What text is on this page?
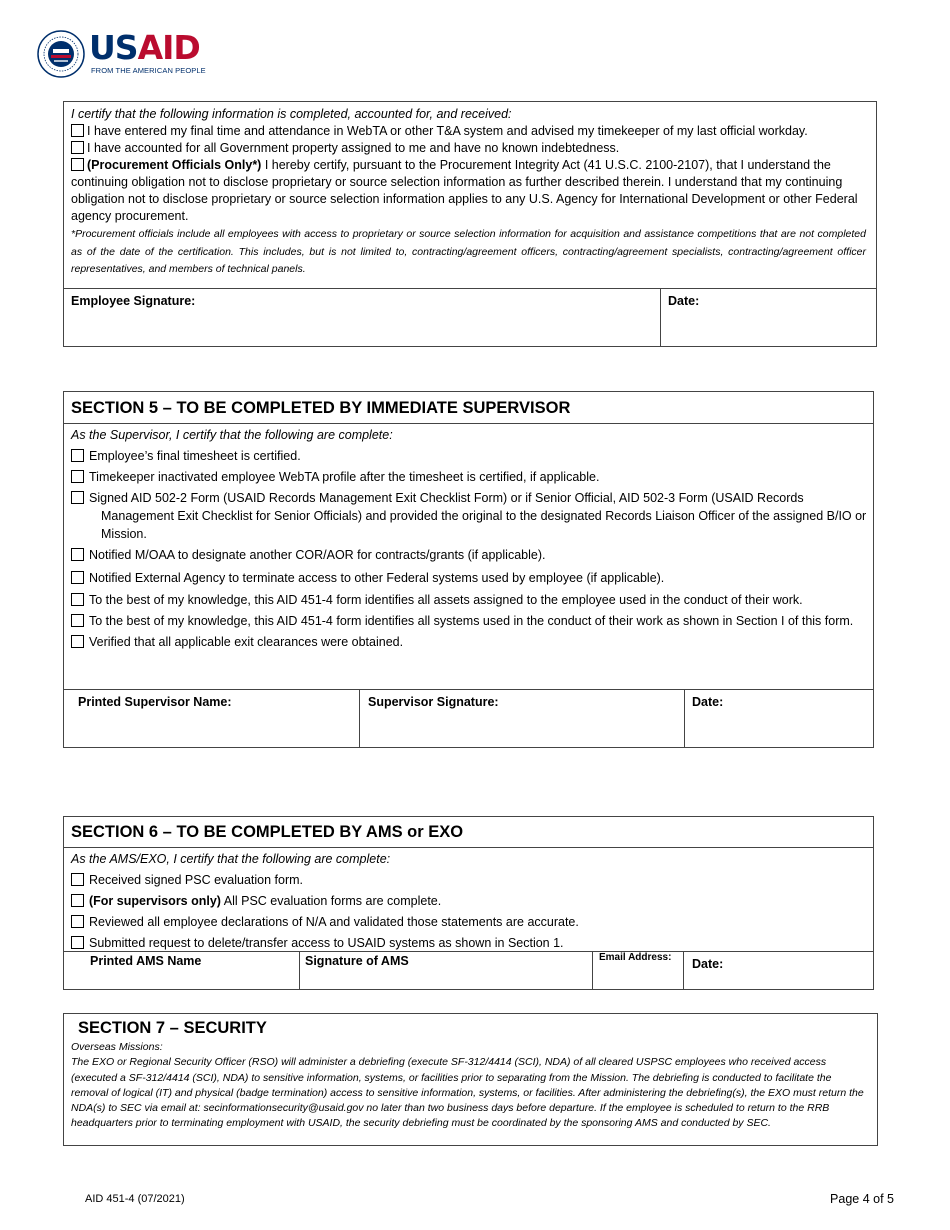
USAID
FROM THE AMERICAN PEOPLE

I certify that the following information is completed, accounted for, and received:

I have entered my final time and attendance in WebTA or other T&A system and advised my timekeeper of my last official workday.

I have accounted for all Government property assigned to me and have no known indebtedness.

(Procurement Officials Only*) I hereby certify, pursuant to the Procurement Integrity Act (41 U.S.C. 2100-2107), that I understand the continuing obligation not to disclose proprietary or source selection information as further described therein. I understand that my continuing obligation not to disclose proprietary or source selection information applies to any U.S. Agency for International Development or other Federal agency procurement.

*Procurement officials include all employees with access to proprietary or source selection information for acquisition and assistance competitions that are not completed as of the date of the certification. This includes, but is not limited to, contracting/agreement officers, contracting/agreement specialists, contracting/agreement officer representatives, and members of technical panels.

Employee Signature:	Date:
SECTION 5 – TO BE COMPLETED BY IMMEDIATE SUPERVISOR

As the Supervisor, I certify that the following are complete:

Employee’s final timesheet is certified.
Timekeeper inactivated employee WebTA profile after the timesheet is certified, if applicable.
Signed AID 502-2 Form (USAID Records Management Exit Checklist Form) or if Senior Official, AID 502-3 Form (USAID Records Management Exit Checklist for Senior Officials) and provided the original to the designated Records Liaison Officer of the assigned B/IO or Mission.
Notified M/OAA to designate another COR/AOR for contracts/grants (if applicable).
Notified External Agency to terminate access to other Federal systems used by employee (if applicable).
To the best of my knowledge, this AID 451-4 form identifies all assets assigned to the employee used in the conduct of their work.
To the best of my knowledge, this AID 451-4 form identifies all systems used in the conduct of their work as shown in Section I of this form.
Verified that all applicable exit clearances were obtained.
Printed Supervisor Name:	Supervisor Signature:	Date:
SECTION 6 – TO BE COMPLETED BY AMS or EXO

As the AMS/EXO, I certify that the following are complete:

Received signed PSC evaluation form.
(For supervisors only) All PSC evaluation forms are complete.
Reviewed all employee declarations of N/A and validated those statements are accurate.
Submitted request to delete/transfer access to USAID systems as shown in Section 1.
Printed AMS Name	Signature of AMS	Email Address: Date:
SECTION 7 – SECURITY

Overseas Missions:

The EXO or Regional Security Officer (RSO) will administer a debriefing (execute SF-312/4414 (SCI), NDA) of all cleared USPSC employees who received access (executed a SF-312/4414 (SCI), NDA) to sensitive information, systems, or facilities prior to separating from the Mission. The debriefing is conducted to facilitate the removal of logical (IT) and physical (badge termination) access to sensitive information, systems, or facilities. After administering the debriefing(s), the EXO must return the NDA(s) to SEC via email at: secinformationsecurity@usaid.gov no later than two business days before departure. If the employee is scheduled to return to the RRB headquarters prior to terminating employment with USAID, the security debriefing must be coordinated by the sponsoring AMS and conducted by SEC.

AID 451-4 (07/2021)	Page 4 of 5
